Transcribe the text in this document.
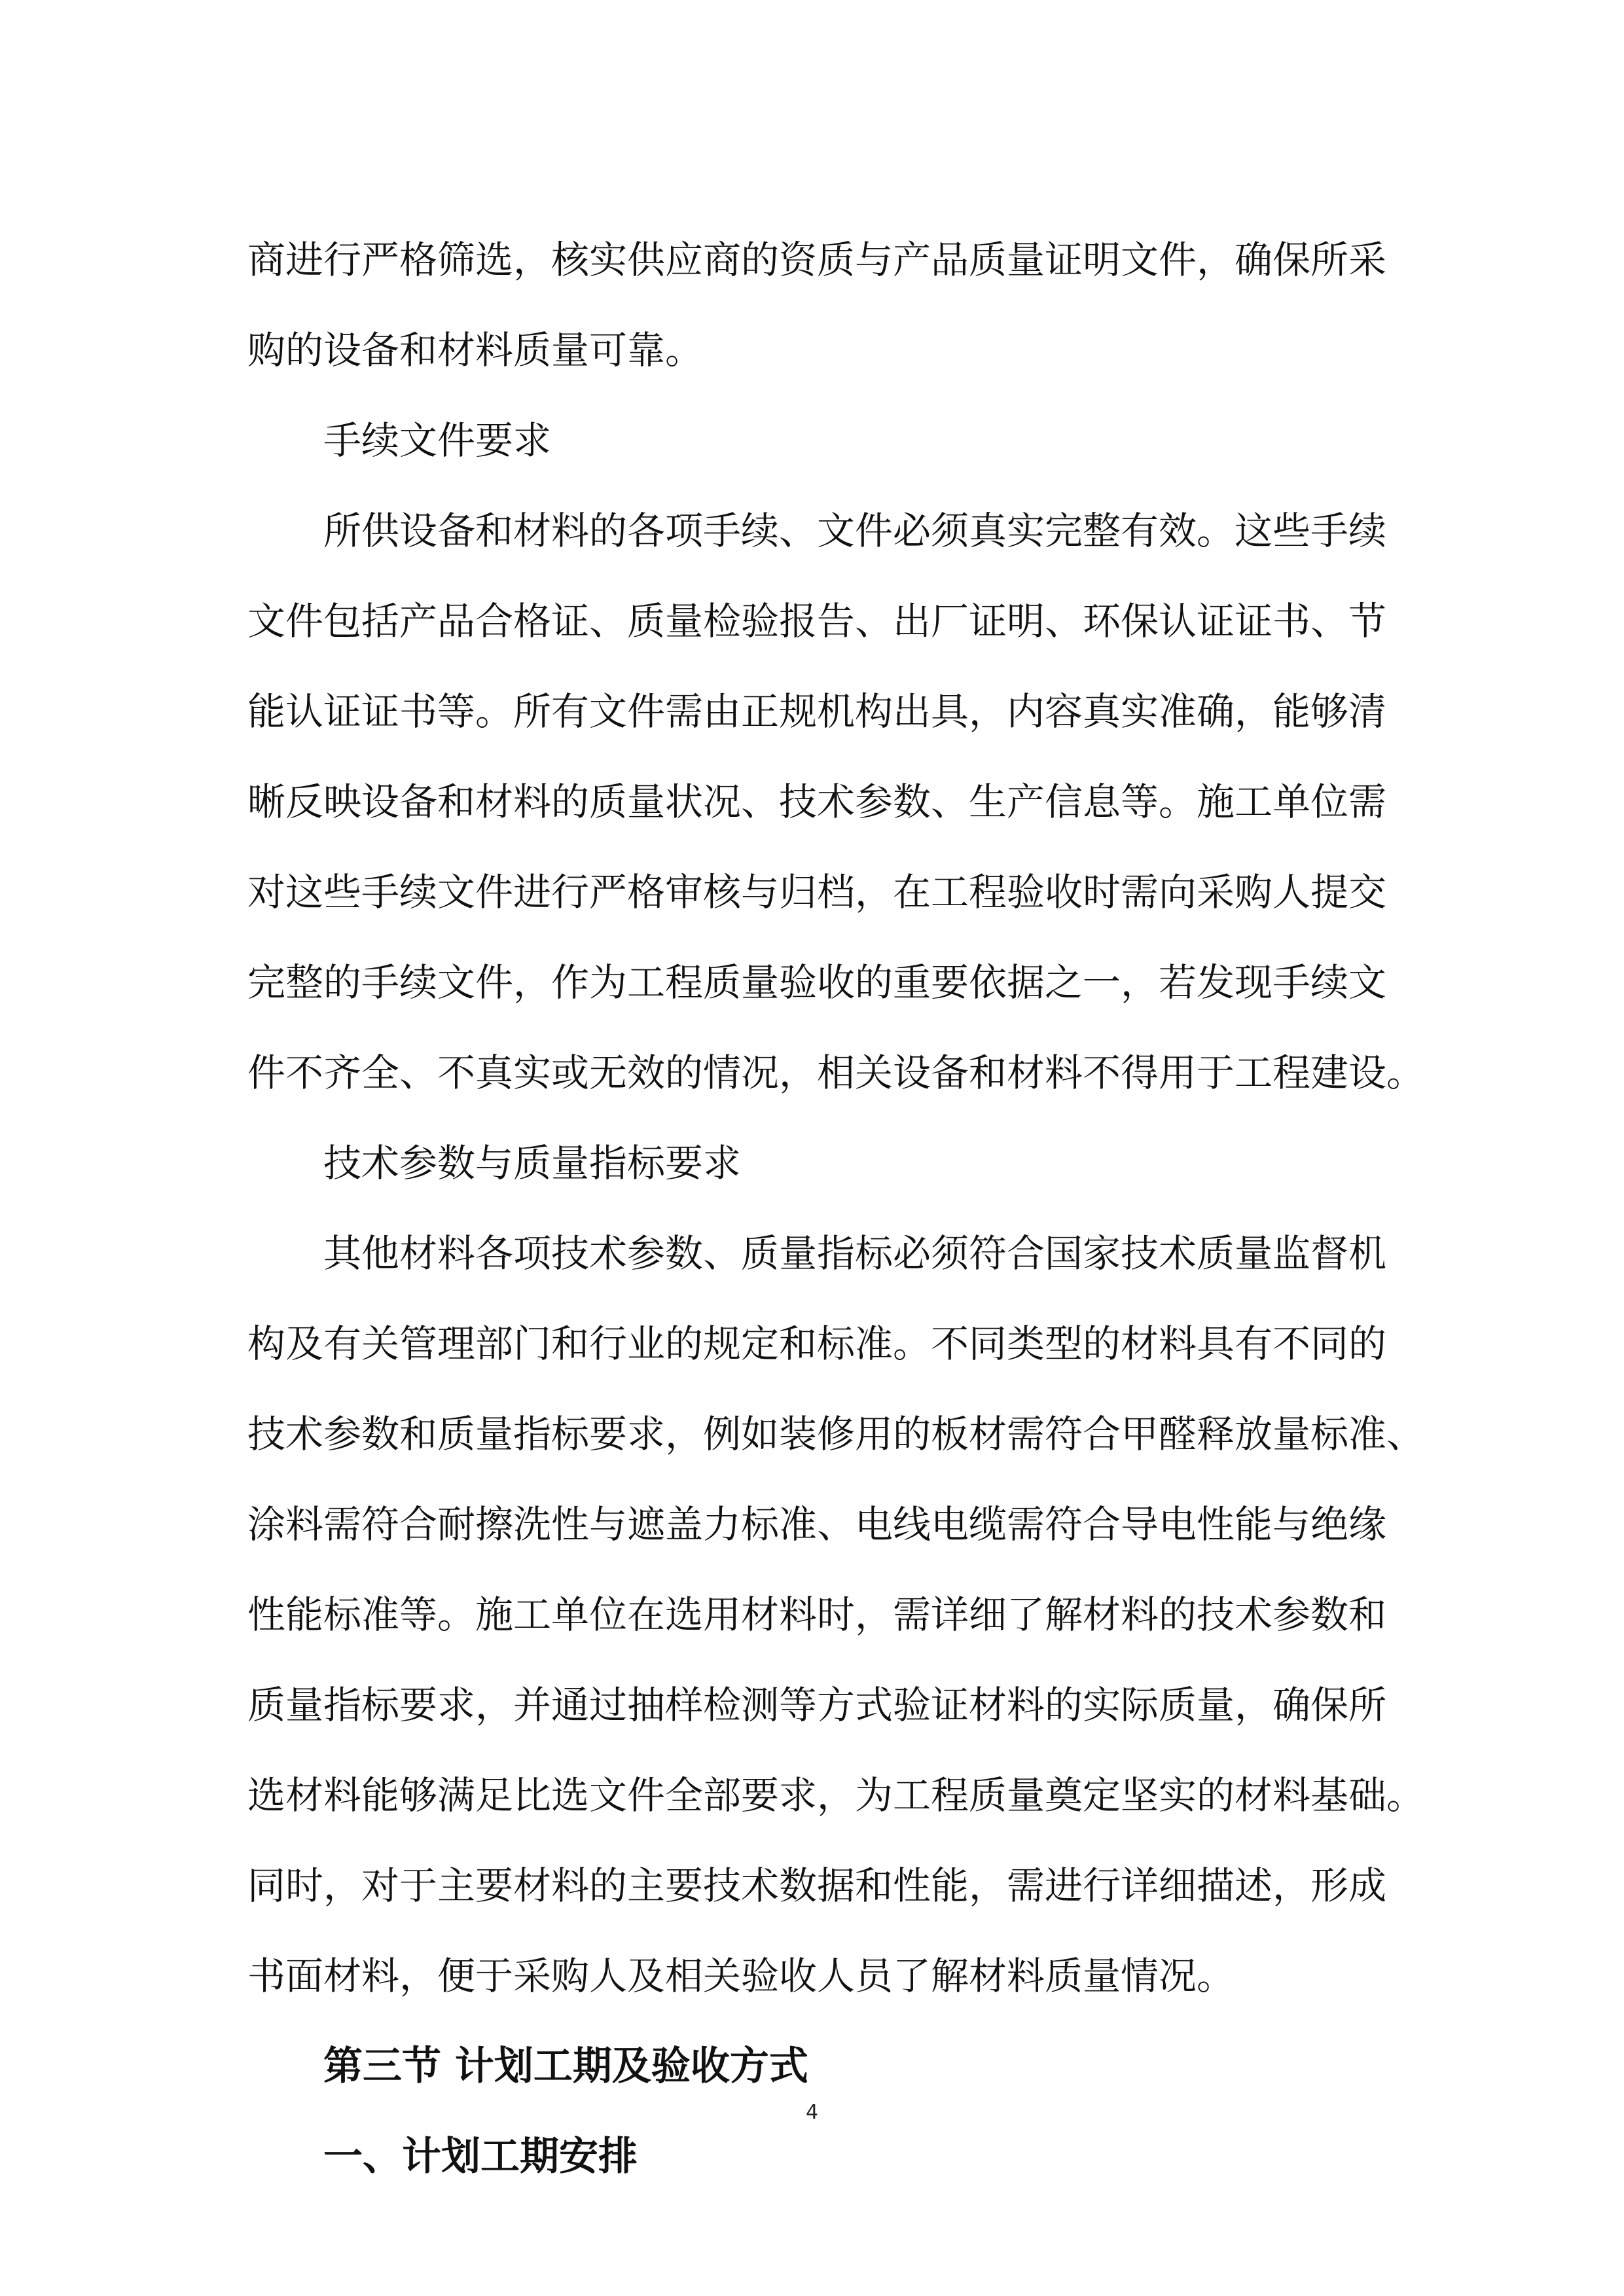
商进行严格筛选，核实供应商的资质与产品质量证明文件，确保所采
购的设备和材料质量可靠。

手续文件要求

所供设备和材料的各项手续、文件必须真实完整有效。这些手续
文件包括产品合格证、质量检验报告、出厂证明、环保认证证书、节
能认证证书等。所有文件需由正规机构出具，内容真实准确，能够清
晰反映设备和材料的质量状况、技术参数、生产信息等。施工单位需
对这些手续文件进行严格审核与归档，在工程验收时需向采购人提交
完整的手续文件，作为工程质量验收的重要依据之一，若发现手续文
件不齐全、不真实或无效的情况，相关设备和材料不得用于工程建设。

技术参数与质量指标要求

其他材料各项技术参数、质量指标必须符合国家技术质量监督机
构及有关管理部门和行业的规定和标准。不同类型的材料具有不同的
技术参数和质量指标要求，例如装修用的板材需符合甲醛释放量标准、
涂料需符合耐擦洗性与遮盖力标准、电线电缆需符合导电性能与绝缘
性能标准等。施工单位在选用材料时，需详细了解材料的技术参数和
质量指标要求，并通过抽样检测等方式验证材料的实际质量，确保所
选材料能够满足比选文件全部要求，为工程质量奠定坚实的材料基础。
同时，对于主要材料的主要技术数据和性能，需进行详细描述，形成
书面材料，便于采购人及相关验收人员了解材料质量情况。

第三节 计划工期及验收方式

一、计划工期安排

4
